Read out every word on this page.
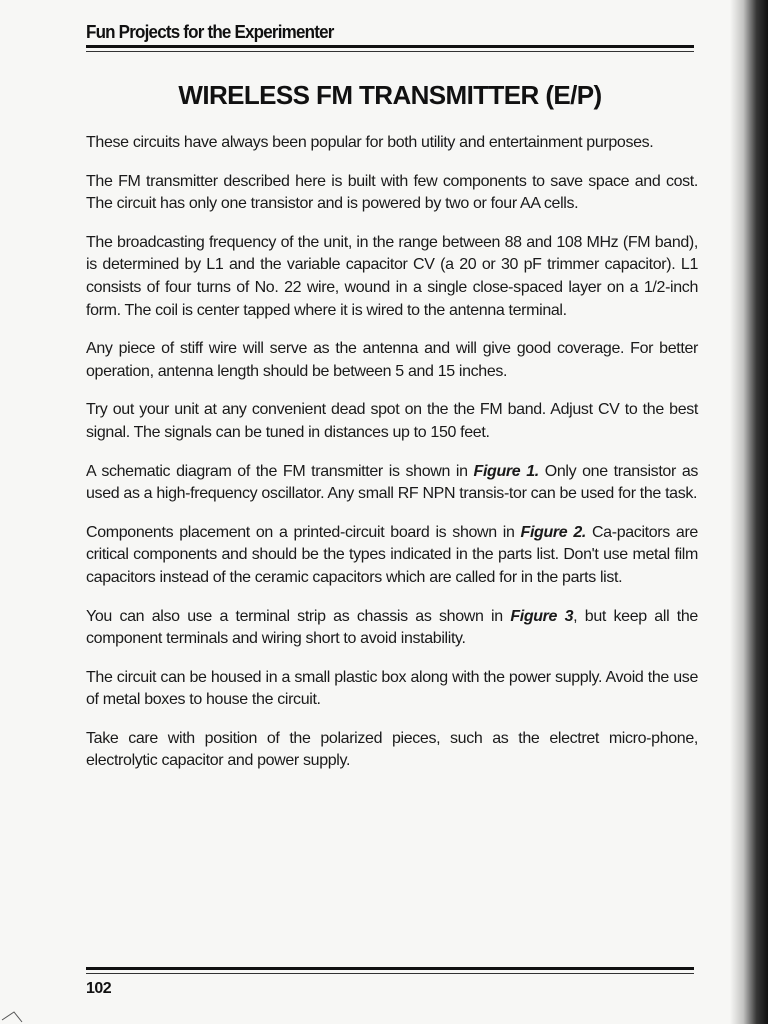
Fun Projects for the Experimenter
WIRELESS FM TRANSMITTER (E/P)

These circuits have always been popular for both utility and entertainment purposes.

The FM transmitter described here is built with few components to save space and cost. The circuit has only one transistor and is powered by two or four AA cells.

The broadcasting frequency of the unit, in the range between 88 and 108 MHz (FM band), is determined by L1 and the variable capacitor CV (a 20 or 30 pF trimmer capacitor). L1 consists of four turns of No. 22 wire, wound in a single close-spaced layer on a 1/2-inch form. The coil is center tapped where it is wired to the antenna terminal.

Any piece of stiff wire will serve as the antenna and will give good coverage. For better operation, antenna length should be between 5 and 15 inches.

Try out your unit at any convenient dead spot on the the FM band. Adjust CV to the best signal. The signals can be tuned in distances up to 150 feet.

A schematic diagram of the FM transmitter is shown in Figure 1. Only one transistor as used as a high-frequency oscillator. Any small RF NPN transis-tor can be used for the task.

Components placement on a printed-circuit board is shown in Figure 2. Ca-pacitors are critical components and should be the types indicated in the parts list. Don't use metal film capacitors instead of the ceramic capacitors which are called for in the parts list.

You can also use a terminal strip as chassis as shown in Figure 3, but keep all the component terminals and wiring short to avoid instability.

The circuit can be housed in a small plastic box along with the power supply. Avoid the use of metal boxes to house the circuit.

Take care with position of the polarized pieces, such as the electret micro-phone, electrolytic capacitor and power supply.

102
